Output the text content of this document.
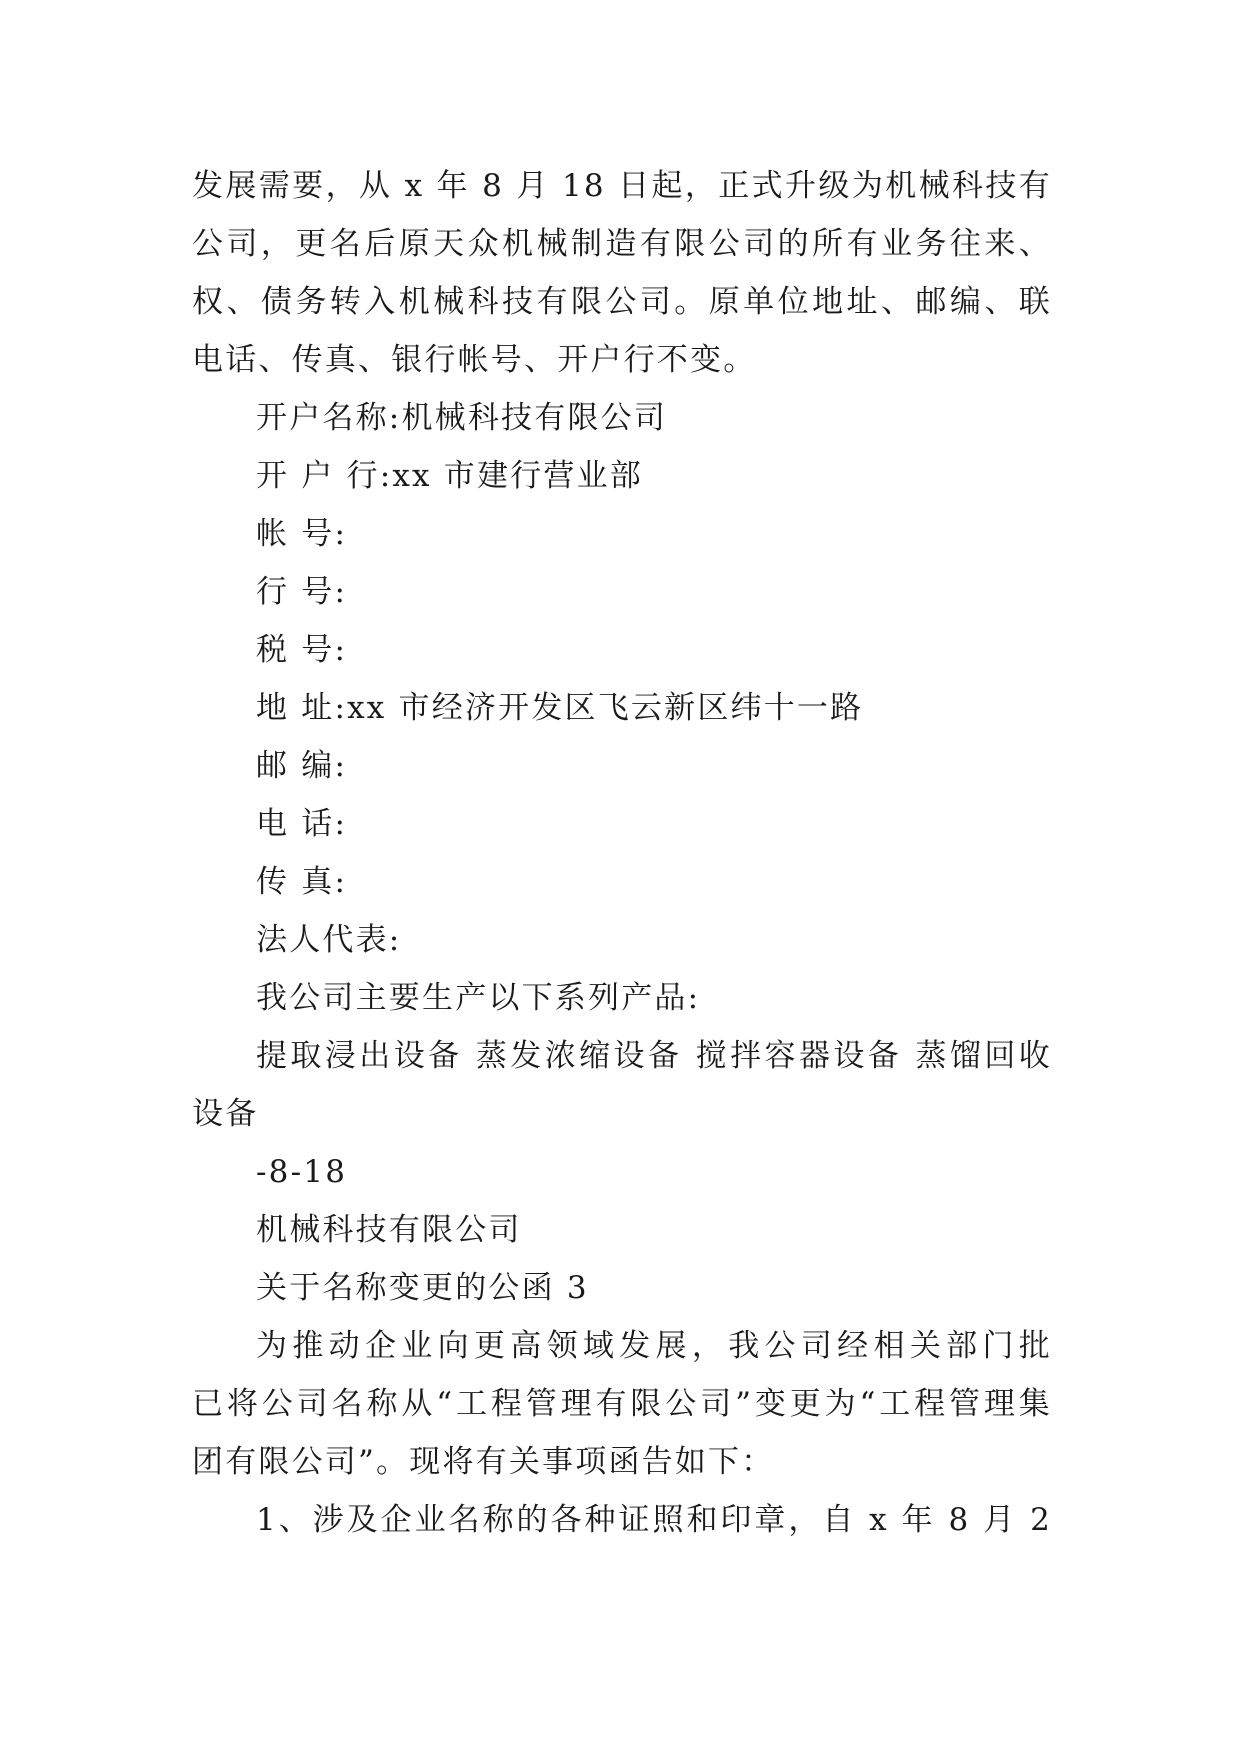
发展需要，从 x 年 8 月 18 日起，正式升级为机械科技有
公司，更名后原天众机械制造有限公司的所有业务往来、
权、债务转入机械科技有限公司。原单位地址、邮编、联
电话、传真、银行帐号、开户行不变。
开户名称:机械科技有限公司
开 户 行:xx 市建行营业部
帐 号:
行 号:
税 号:
地 址:xx 市经济开发区飞云新区纬十一路
邮 编:
电 话:
传 真:
法人代表:
我公司主要生产以下系列产品:
提取浸出设备 蒸发浓缩设备 搅拌容器设备 蒸馏回收
设备
-8-18
机械科技有限公司
关于名称变更的公函 3
为推动企业向更高领域发展，我公司经相关部门批
已将公司名称从“工程管理有限公司”变更为“工程管理集
团有限公司”。现将有关事项函告如下：
1、涉及企业名称的各种证照和印章，自 x 年 8 月 2
